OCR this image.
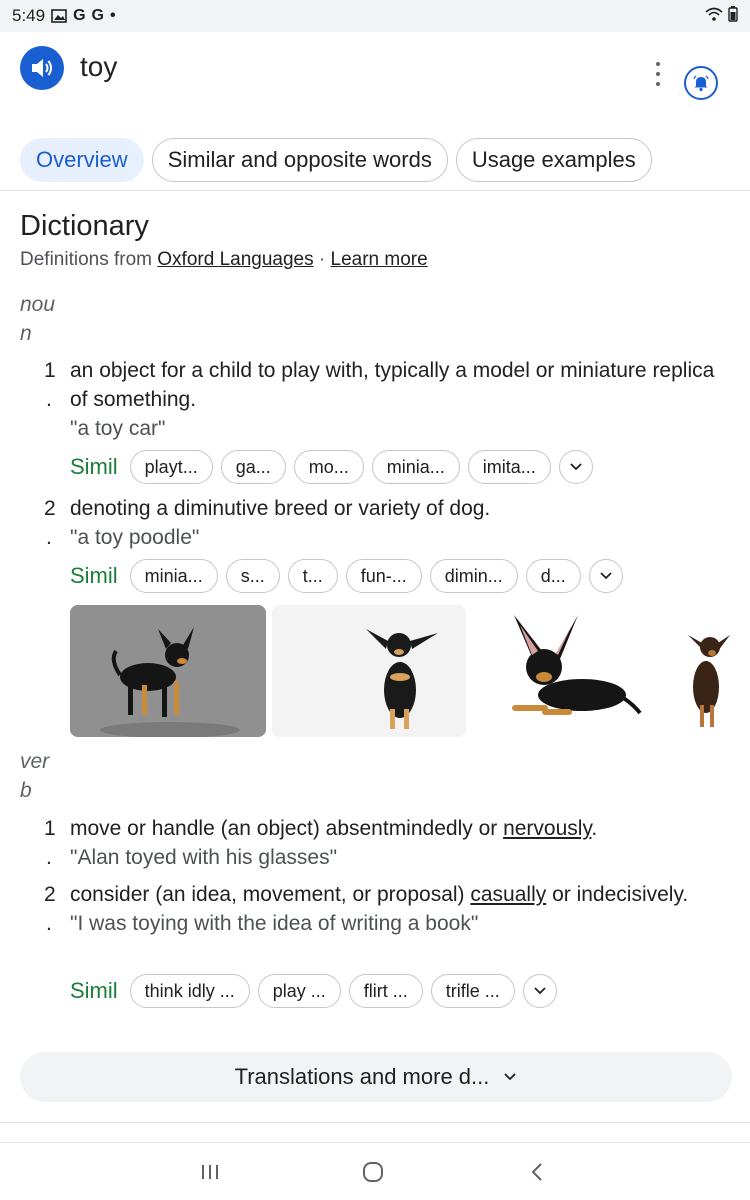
5:49 G G •
toy
Overview	Similar and opposite words	Usage examples
Dictionary
Definitions from Oxford Languages · Learn more
noun
1
.
an object for a child to play with, typically a model or miniature replica of something.
"a toy car"
Simil	playt...	ga...	mo...	minia...	imita...
2
.
denoting a diminutive breed or variety of dog.
"a toy poodle"
Simil	minia...	s...	t...	fun-...	dimin...	d...
verb
1
.
move or handle (an object) absentmindedly or nervously.
"Alan toyed with his glasses"
2
.
consider (an idea, movement, or proposal) casually or indecisively.
"I was toying with the idea of writing a book"
Simil	think idly ...	play ...	flirt ...	trifle ...
Translations and more d...
